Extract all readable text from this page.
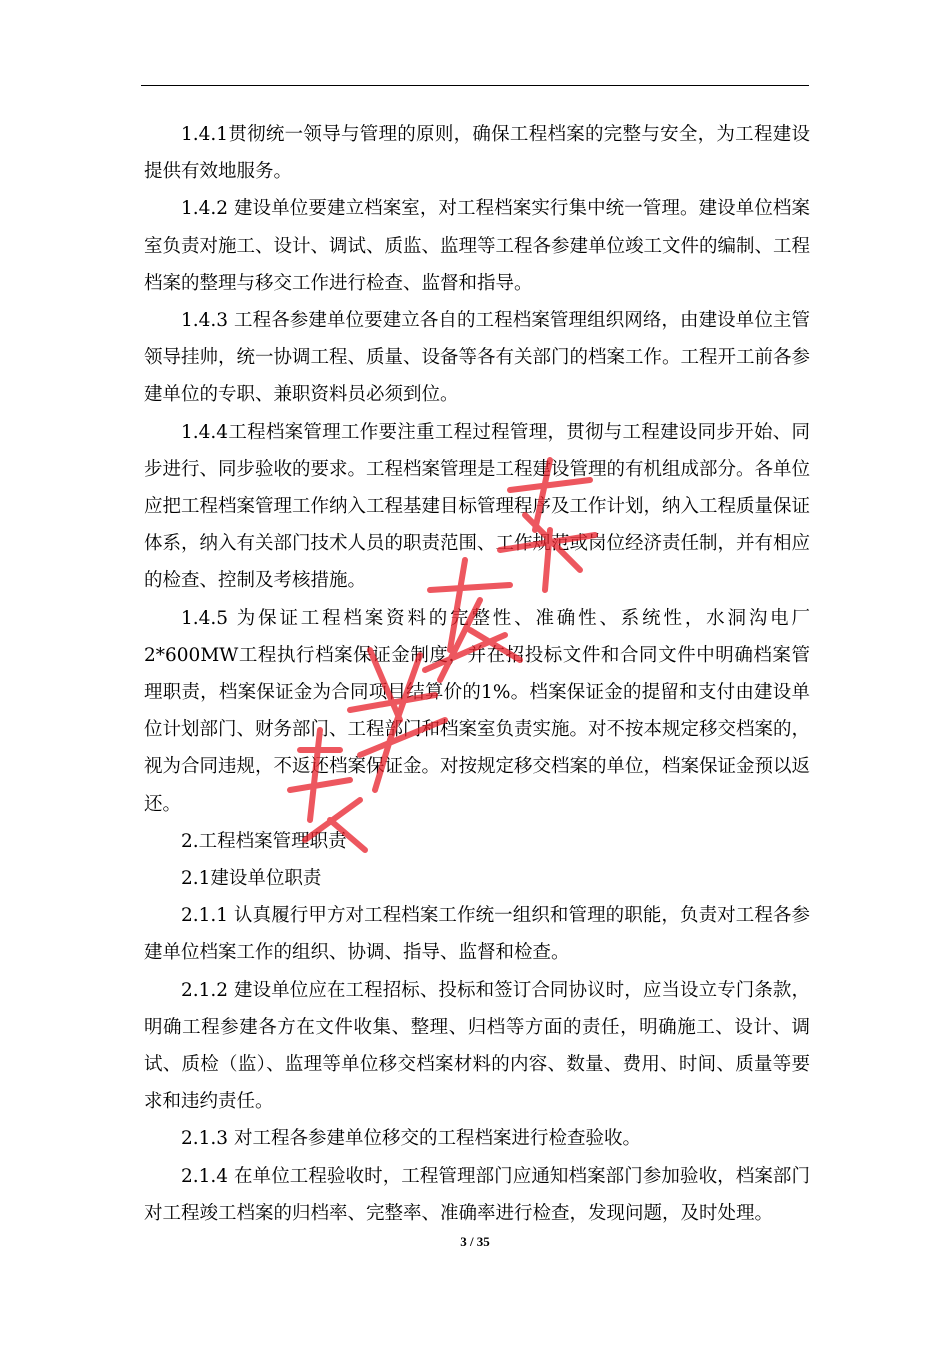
1.4.1贯彻统一领导与管理的原则，确保工程档案的完整与安全，为工程建设提供有效地服务。

1.4.2 建设单位要建立档案室，对工程档案实行集中统一管理。建设单位档案室负责对施工、设计、调试、质监、监理等工程各参建单位竣工文件的编制、工程档案的整理与移交工作进行检查、监督和指导。

1.4.3 工程各参建单位要建立各自的工程档案管理组织网络，由建设单位主管领导挂帅，统一协调工程、质量、设备等各有关部门的档案工作。工程开工前各参建单位的专职、兼职资料员必须到位。

1.4.4工程档案管理工作要注重工程过程管理，贯彻与工程建设同步开始、同步进行、同步验收的要求。工程档案管理是工程建设管理的有机组成部分。各单位应把工程档案管理工作纳入工程基建目标管理程序及工作计划，纳入工程质量保证体系，纳入有关部门技术人员的职责范围、工作规范或岗位经济责任制，并有相应的检查、控制及考核措施。

1.4.5 为保证工程档案资料的完整性、准确性、系统性，水洞沟电厂 2*600MW工程执行档案保证金制度，并在招投标文件和合同文件中明确档案管理职责，档案保证金为合同项目结算价的1%。档案保证金的提留和支付由建设单位计划部门、财务部门、工程部门和档案室负责实施。对不按本规定移交档案的，视为合同违规，不返还档案保证金。对按规定移交档案的单位，档案保证金预以返还。

2.工程档案管理职责

2.1建设单位职责

2.1.1 认真履行甲方对工程档案工作统一组织和管理的职能，负责对工程各参建单位档案工作的组织、协调、指导、监督和检查。

2.1.2 建设单位应在工程招标、投标和签订合同协议时，应当设立专门条款，明确工程参建各方在文件收集、整理、归档等方面的责任，明确施工、设计、调试、质检（监）、监理等单位移交档案材料的内容、数量、费用、时间、质量等要求和违约责任。

2.1.3 对工程各参建单位移交的工程档案进行检查验收。

2.1.4 在单位工程验收时，工程管理部门应通知档案部门参加验收，档案部门对工程竣工档案的归档率、完整率、准确率进行检查，发现问题，及时处理。

3 / 35
